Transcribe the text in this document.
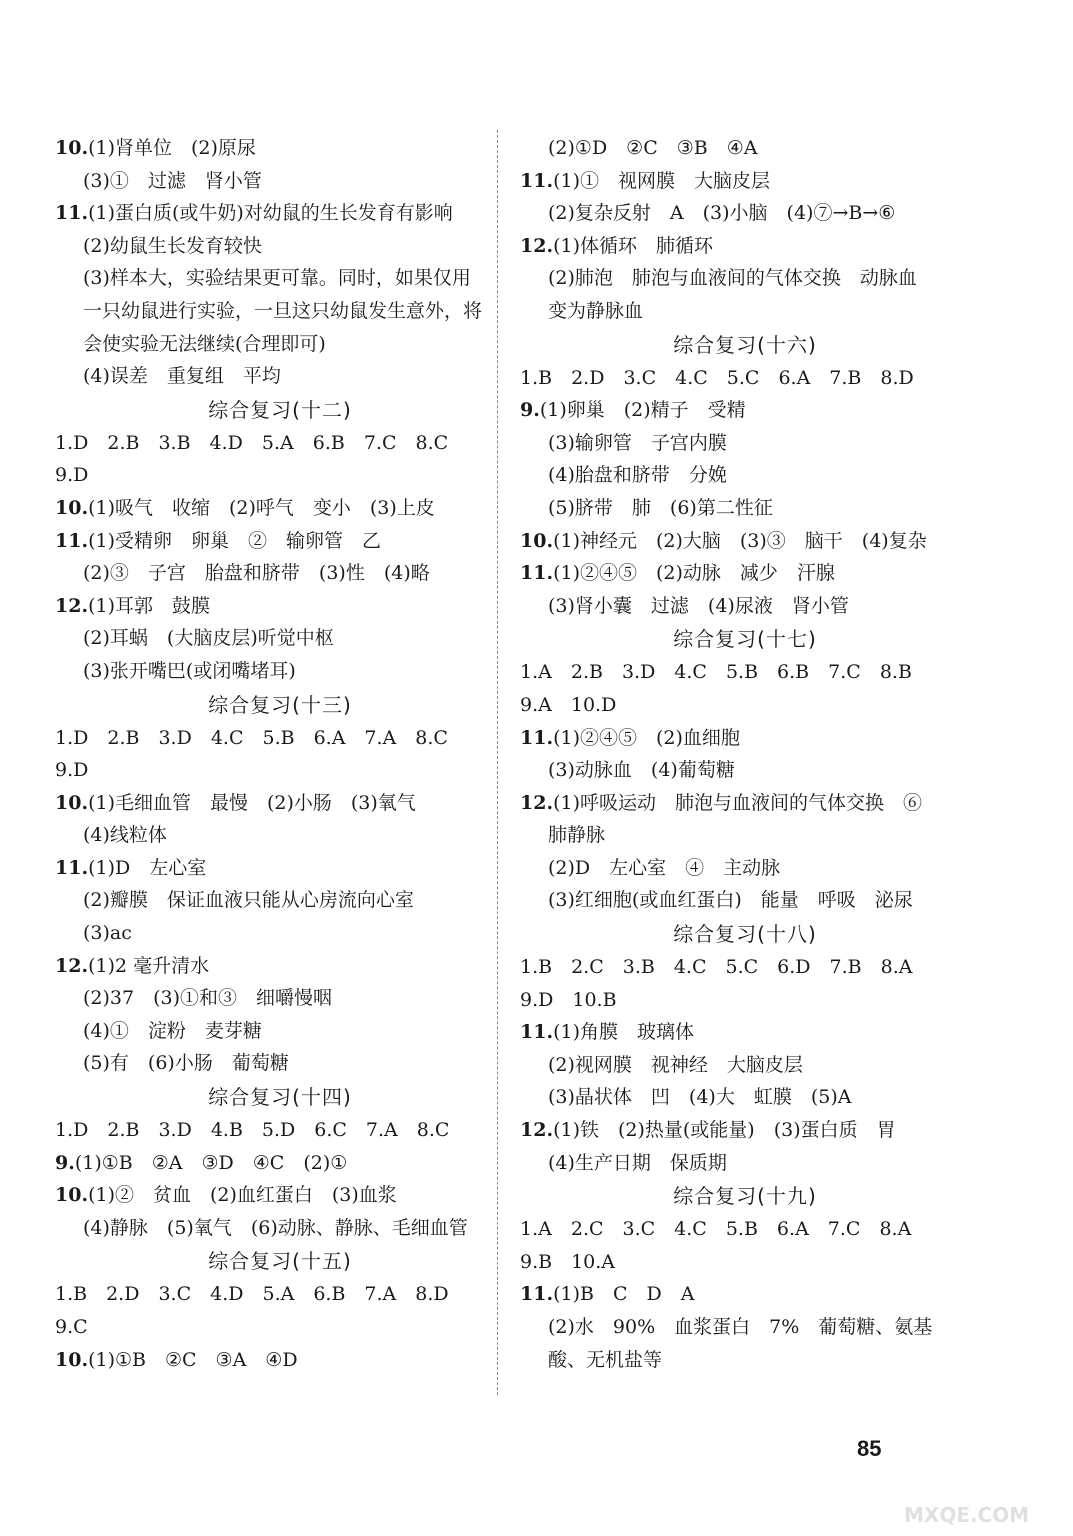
10.(1)肾单位　(2)原尿
(3)①　过滤　肾小管
11.(1)蛋白质(或牛奶)对幼鼠的生长发育有影响
(2)幼鼠生长发育较快
(3)样本大，实验结果更可靠。同时，如果仅用
一只幼鼠进行实验，一旦这只幼鼠发生意外，将
会使实验无法继续(合理即可)
(4)误差　重复组　平均
综合复习(十二)
1.D　2.B　3.B　4.D　5.A　6.B　7.C　8.C
9.D
10.(1)吸气　收缩　(2)呼气　变小　(3)上皮
11.(1)受精卵　卵巢　②　输卵管　乙
(2)③　子宫　胎盘和脐带　(3)性　(4)略
12.(1)耳郭　鼓膜
(2)耳蜗　(大脑皮层)听觉中枢
(3)张开嘴巴(或闭嘴堵耳)
综合复习(十三)
1.D　2.B　3.D　4.C　5.B　6.A　7.A　8.C
9.D
10.(1)毛细血管　最慢　(2)小肠　(3)氧气
(4)线粒体
11.(1)D　左心室
(2)瓣膜　保证血液只能从心房流向心室
(3)ac
12.(1)2 毫升清水
(2)37　(3)①和③　细嚼慢咽
(4)①　淀粉　麦芽糖
(5)有　(6)小肠　葡萄糖
综合复习(十四)
1.D　2.B　3.D　4.B　5.D　6.C　7.A　8.C
9.(1)①B　②A　③D　④C　(2)①
10.(1)②　贫血　(2)血红蛋白　(3)血浆
(4)静脉　(5)氧气　(6)动脉、静脉、毛细血管
综合复习(十五)
1.B　2.D　3.C　4.D　5.A　6.B　7.A　8.D
9.C
10.(1)①B　②C　③A　④D
(2)①D　②C　③B　④A
11.(1)①　视网膜　大脑皮层
(2)复杂反射　A　(3)小脑　(4)⑦→B→⑥
12.(1)体循环　肺循环
(2)肺泡　肺泡与血液间的气体交换　动脉血
变为静脉血
综合复习(十六)
1.B　2.D　3.C　4.C　5.C　6.A　7.B　8.D
9.(1)卵巢　(2)精子　受精
(3)输卵管　子宫内膜
(4)胎盘和脐带　分娩
(5)脐带　肺　(6)第二性征
10.(1)神经元　(2)大脑　(3)③　脑干　(4)复杂
11.(1)②④⑤　(2)动脉　减少　汗腺
(3)肾小囊　过滤　(4)尿液　肾小管
综合复习(十七)
1.A　2.B　3.D　4.C　5.B　6.B　7.C　8.B
9.A　10.D
11.(1)②④⑤　(2)血细胞
(3)动脉血　(4)葡萄糖
12.(1)呼吸运动　肺泡与血液间的气体交换　⑥
肺静脉
(2)D　左心室　④　主动脉
(3)红细胞(或血红蛋白)　能量　呼吸　泌尿
综合复习(十八)
1.B　2.C　3.B　4.C　5.C　6.D　7.B　8.A
9.D　10.B
11.(1)角膜　玻璃体
(2)视网膜　视神经　大脑皮层
(3)晶状体　凹　(4)大　虹膜　(5)A
12.(1)铁　(2)热量(或能量)　(3)蛋白质　胃
(4)生产日期　保质期
综合复习(十九)
1.A　2.C　3.C　4.C　5.B　6.A　7.C　8.A
9.B　10.A
11.(1)B　C　D　A
(2)水　90%　血浆蛋白　7%　葡萄糖、氨基
酸、无机盐等
85
MXQE.COM
